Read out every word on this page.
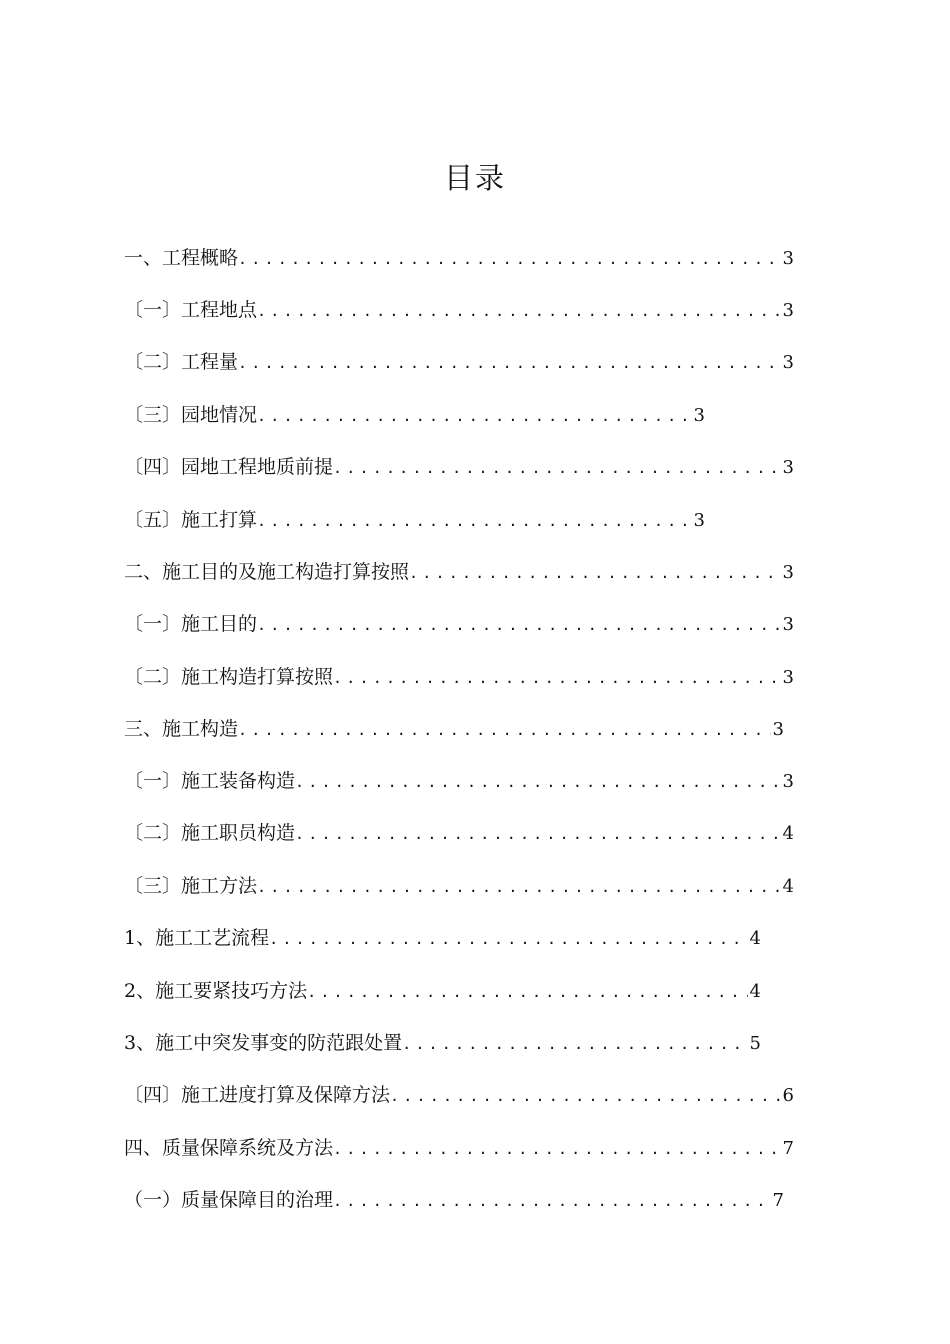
目录
一、工程概略 .....	3
〔一〕工程地点 .....	3
〔二〕工程量 .....	3
〔三〕园地情况 .....	3
〔四〕园地工程地质前提 .....	3
〔五〕施工打算 .....	3
二、施工目的及施工构造打算按照 .....	3
〔一〕施工目的 .....	3
〔二〕施工构造打算按照 .....	3
三、施工构造 .....	3
〔一〕施工装备构造 .....	3
〔二〕施工职员构造 .....	4
〔三〕施工方法 .....	4
1、施工工艺流程 .....	4
2、施工要紧技巧方法 .....	4
3、施工中突发事变的防范跟处置 .....	5
〔四〕施工进度打算及保障方法 .....	6
四、质量保障系统及方法 .....	7
（一）质量保障目的治理 .....	7
